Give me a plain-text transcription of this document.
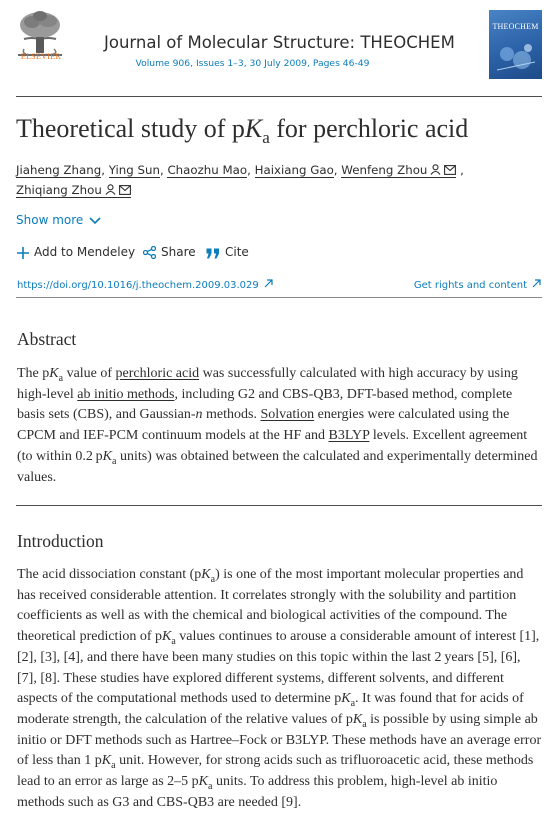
ELSEVIER
Journal of Molecular Structure: THEOCHEM
Volume 906, Issues 1–3, 30 July 2009, Pages 46-49
THEOCHEM
Theoretical study of $pK_a$ for perchloric acid
Jiaheng Zhang, Ying Sun, Chaozhu Mao, Haixiang Gao, Wenfeng Zhou ,
Zhiqiang Zhou
Show more
Add to Mendeley	Share	Cite
https://doi.org/10.1016/j.theochem.2009.03.029	Get rights and content
Abstract
The $pK_a$ value of perchloric acid was successfully calculated with high accuracy by using high-level ab initio methods, including G2 and CBS-QB3, DFT-based method, complete basis sets (CBS), and Gaussian-n methods. Solvation energies were calculated using the CPCM and IEF-PCM continuum models at the HF and B3LYP levels. Excellent agreement (to within 0.2 $pK_a$ units) was obtained between the calculated and experimentally determined values.
Introduction
The acid dissociation constant $(pK_a)$ is one of the most important molecular properties and has received considerable attention. It correlates strongly with the solubility and partition coefficients as well as with the chemical and biological activities of the compound. The theoretical prediction of $pK_a$ values continues to arouse a considerable amount of interest [1], [2], [3], [4], and there have been many studies on this topic within the last 2 years [5], [6], [7], [8]. These studies have explored different systems, different solvents, and different aspects of the computational methods used to determine $pK_a$. It was found that for acids of moderate strength, the calculation of the relative values of $pK_a$ is possible by using simple ab initio or DFT methods such as Hartree–Fock or B3LYP. These methods have an average error of less than 1 $pK_a$ unit. However, for strong acids such as trifluoroacetic acid, these methods lead to an error as large as 2–5 $pK_a$ units. To address this problem, high-level ab initio methods such as G3 and CBS-QB3 are needed [9].
